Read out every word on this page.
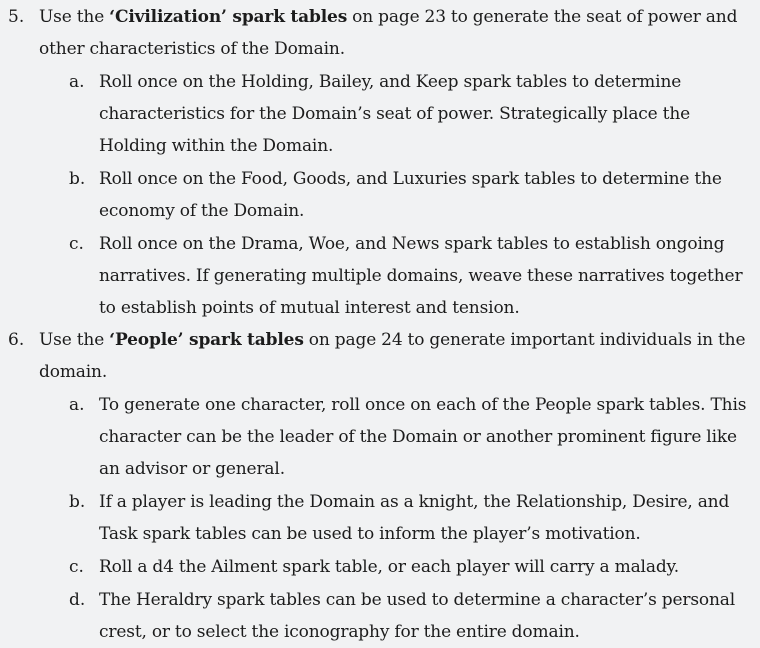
5. Use the ‘Civilization’ spark tables on page 23 to generate the seat of power and other characteristics of the Domain.
a. Roll once on the Holding, Bailey, and Keep spark tables to determine characteristics for the Domain’s seat of power. Strategically place the Holding within the Domain.
b. Roll once on the Food, Goods, and Luxuries spark tables to determine the economy of the Domain.
c. Roll once on the Drama, Woe, and News spark tables to establish ongoing narratives. If generating multiple domains, weave these narratives together to establish points of mutual interest and tension.
6. Use the ‘People’ spark tables on page 24 to generate important individuals in the domain.
a. To generate one character, roll once on each of the People spark tables. This character can be the leader of the Domain or another prominent figure like an advisor or general.
b. If a player is leading the Domain as a knight, the Relationship, Desire, and Task spark tables can be used to inform the player’s motivation.
c. Roll a d4 the Ailment spark table, or each player will carry a malady.
d. The Heraldry spark tables can be used to determine a character’s personal crest, or to select the iconography for the entire domain.
